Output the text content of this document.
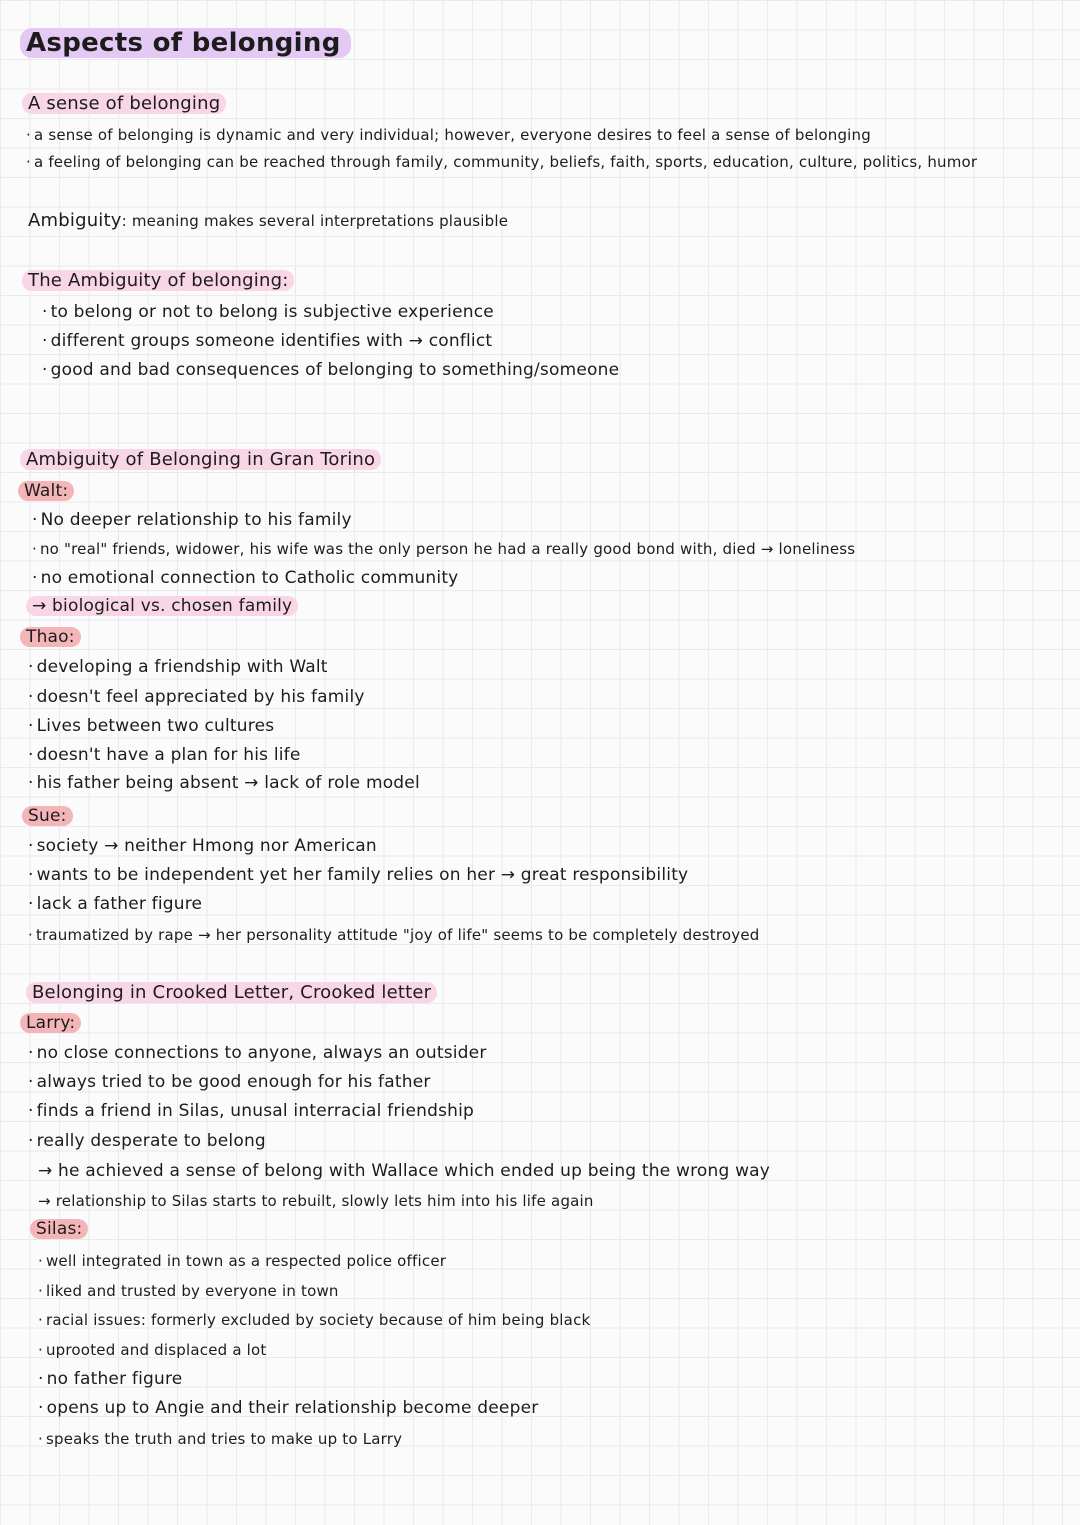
Aspects of belonging
A sense of belonging
· a sense of belonging is dynamic and very individual; however, everyone desires to feel a sense of belonging
· a feeling of belonging can be reached through family, community, beliefs, faith, sports, education, culture, politics, humor
Ambiguity: meaning makes several interpretations plausible
The Ambiguity of belonging:
· to belong or not to belong is subjective experience
· different groups someone identifies with → conflict
· good and bad consequences of belonging to something/someone
Ambiguity of Belonging in Gran Torino
Walt:
· No deeper relationship to his family
· no "real" friends, widower, his wife was the only person he had a really good bond with, died → loneliness
· no emotional connection to Catholic community
→ biological vs. chosen family
Thao:
· developing a friendship with Walt
· doesn't feel appreciated by his family
· Lives between two cultures
· doesn't have a plan for his life
· his father being absent → lack of role model
Sue:
· society → neither Hmong nor American
· wants to be independent yet her family relies on her → great responsibility
· lack a father figure
· traumatized by rape → her personality attitude "joy of life" seems to be completely destroyed
Belonging in Crooked Letter, Crooked letter
Larry:
· no close connections to anyone, always an outsider
· always tried to be good enough for his father
· finds a friend in Silas, unusal interracial friendship
· really desperate to belong
→ he achieved a sense of belong with Wallace which ended up being the wrong way
→ relationship to Silas starts to rebuilt, slowly lets him into his life again
Silas:
· well integrated in town as a respected police officer
· liked and trusted by everyone in town
· racial issues: formerly excluded by society because of him being black
· uprooted and displaced a lot
· no father figure
· opens up to Angie and their relationship become deeper
· speaks the truth and tries to make up to Larry
